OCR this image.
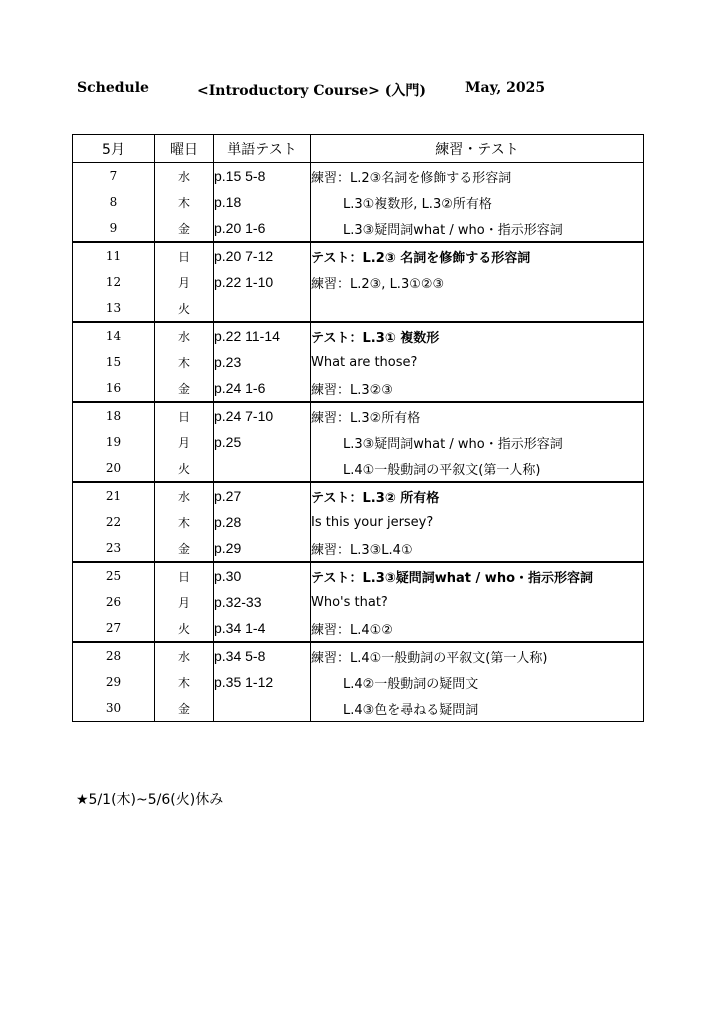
Schedule	<Introductory Course> (入門)	May, 2025
5月	曜日	単語テスト	練習・テスト
7	水	p.15 5-8	練習：L.2③名詞を修飾する形容詞
8	木	p.18	L.3①複数形, L.3②所有格
9	金	p.20 1-6	L.3③疑問詞what / who・指示形容詞
11	日	p.20 7-12	テスト：L.2③ 名詞を修飾する形容詞
12	月	p.22 1-10	練習：L.2③, L.3①②③
13	火		
14	水	p.22 11-14	テスト：L.3① 複数形
15	木	p.23	What are those?
16	金	p.24 1-6	練習：L.3②③
18	日	p.24 7-10	練習：L.3②所有格
19	月	p.25	L.3③疑問詞what / who・指示形容詞
20	火		L.4①一般動詞の平叙文(第一人称)
21	水	p.27	テスト：L.3② 所有格
22	木	p.28	Is this your jersey?
23	金	p.29	練習：L.3③L.4①
25	日	p.30	テスト：L.3③疑問詞what / who・指示形容詞
26	月	p.32-33	Who's that?
27	火	p.34 1-4	練習：L.4①②
28	水	p.34 5-8	練習：L.4①一般動詞の平叙文(第一人称)
29	木	p.35 1-12	L.4②一般動詞の疑問文
30	金		L.4③色を尋ねる疑問詞
★5/1(木)~5/6(火)休み
